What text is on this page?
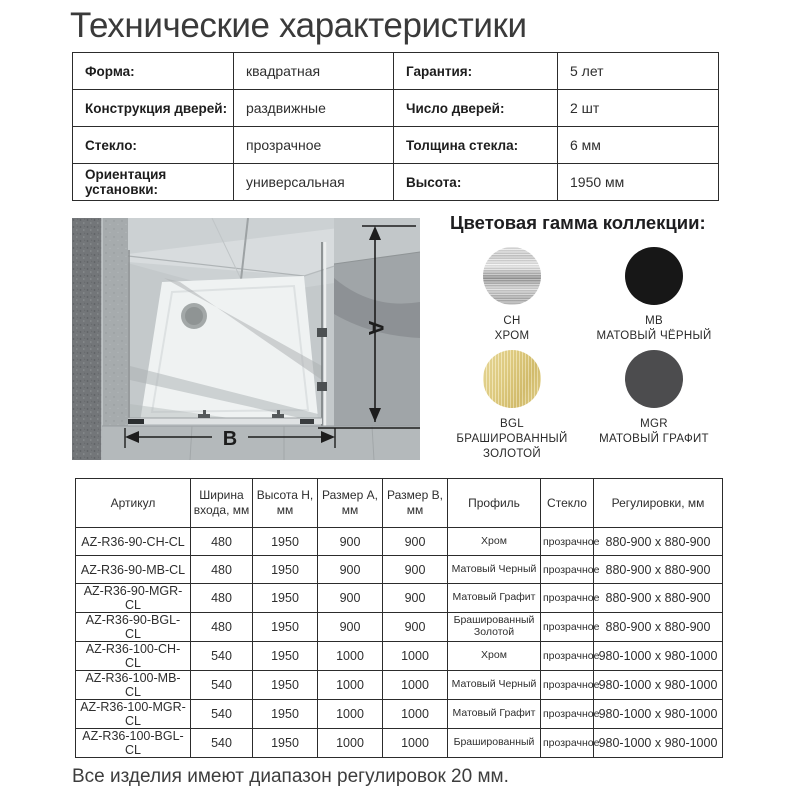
Технические характеристики
Форма:	квадратная	Гарантия:	5 лет
Конструкция дверей:	раздвижные	Число дверей:	2 шт
Стекло:	прозрачное	Толщина стекла:	6 мм
Ориентация установки:	универсальная	Высота:	1950 мм
A
B
Цветовая гамма коллекции:
CH
ХРОМ
MB
МАТОВЫЙ ЧЁРНЫЙ
BGL
БРАШИРОВАННЫЙ ЗОЛОТОЙ
MGR
МАТОВЫЙ ГРАФИТ
Артикул	Ширина входа, мм	Высота H, мм	Размер A, мм	Размер B, мм	Профиль	Стекло	Регулировки, мм
AZ-R36-90-CH-CL	480	1950	900	900	Хром	прозрачное	880-900 x 880-900
AZ-R36-90-MB-CL	480	1950	900	900	Матовый Черный	прозрачное	880-900 x 880-900
AZ-R36-90-MGR-CL	480	1950	900	900	Матовый Графит	прозрачное	880-900 x 880-900
AZ-R36-90-BGL-CL	480	1950	900	900	Брашированный Золотой	прозрачное	880-900 x 880-900
AZ-R36-100-CH-CL	540	1950	1000	1000	Хром	прозрачное	980-1000 x 980-1000
AZ-R36-100-MB-CL	540	1950	1000	1000	Матовый Черный	прозрачное	980-1000 x 980-1000
AZ-R36-100-MGR-CL	540	1950	1000	1000	Матовый Графит	прозрачное	980-1000 x 980-1000
AZ-R36-100-BGL-CL	540	1950	1000	1000	Брашированный	прозрачное	980-1000 x 980-1000
Все изделия имеют диапазон регулировок 20 мм.
